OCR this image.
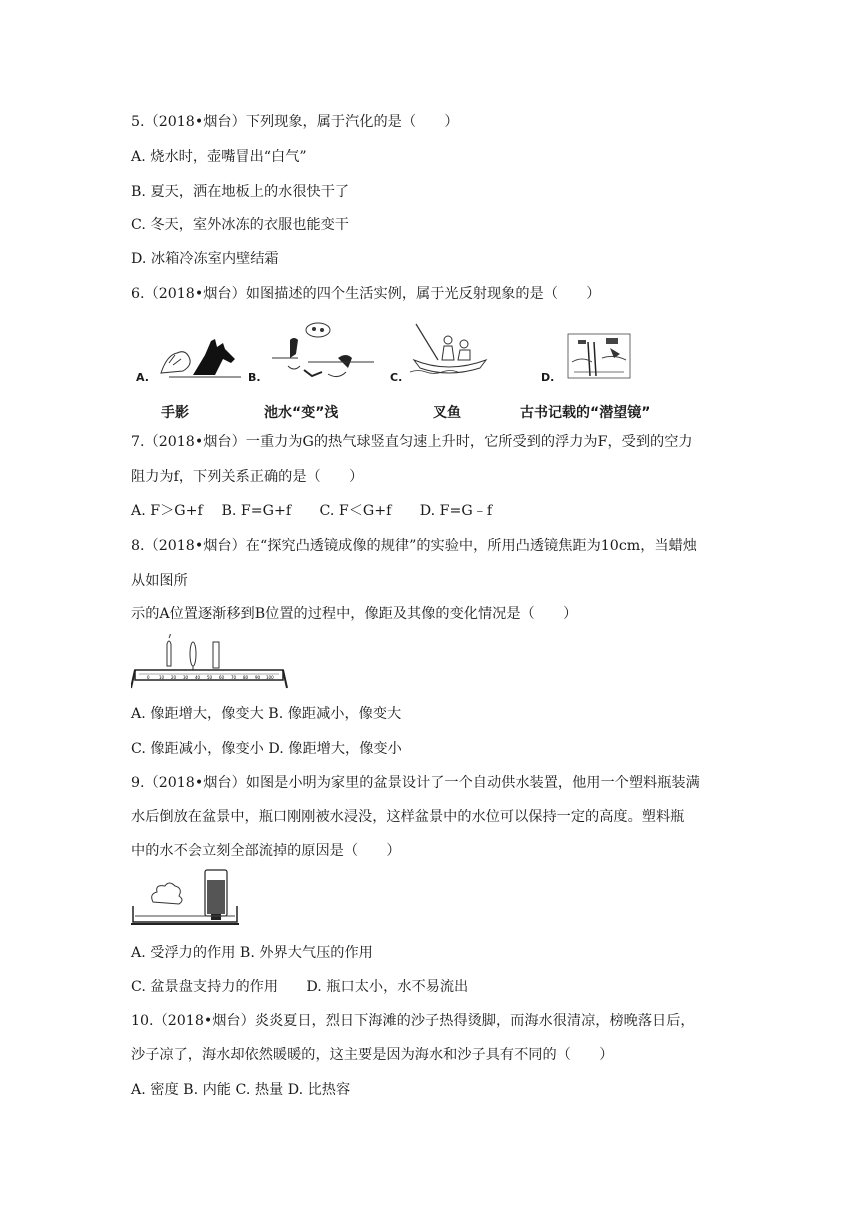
5.（2018•烟台）下列现象，属于汽化的是（　　）
A. 烧水时，壶嘴冒出“白气”
B. 夏天，洒在地板上的水很快干了
C. 冬天，室外冰冻的衣服也能变干
D. 冰箱冷冻室内壁结霜
6.（2018•烟台）如图描述的四个生活实例，属于光反射现象的是（　　）
A.	B.	C.	D.
手影	池水“变”浅	叉鱼	古书记载的“潜望镜”
7.（2018•烟台）一重力为G的热气球竖直匀速上升时，它所受到的浮力为F，受到的空力
阻力为f，下列关系正确的是（　　）
A. F＞G+f　 B. F=G+f　　C. F＜G+f　　D. F=G﹣f
8.（2018•烟台）在“探究凸透镜成像的规律”的实验中，所用凸透镜焦距为10cm，当蜡烛
从如图所
示的A位置逐渐移到B位置的过程中，像距及其像的变化情况是（　　）
0 10 20 30 40 50 60 70 80 90 100
A. 像距增大，像变大 B. 像距减小，像变大
C. 像距减小，像变小 D. 像距增大，像变小
9.（2018•烟台）如图是小明为家里的盆景设计了一个自动供水装置，他用一个塑料瓶装满
水后倒放在盆景中，瓶口刚刚被水浸没，这样盆景中的水位可以保持一定的高度。塑料瓶
中的水不会立刻全部流掉的原因是（　　）
A. 受浮力的作用 B. 外界大气压的作用
C. 盆景盘支持力的作用　　D. 瓶口太小，水不易流出
10.（2018•烟台）炎炎夏日，烈日下海滩的沙子热得烫脚，而海水很清凉，榜晚落日后，
沙子凉了，海水却依然暖暖的，这主要是因为海水和沙子具有不同的（　　）
A. 密度 B. 内能 C. 热量 D. 比热容
